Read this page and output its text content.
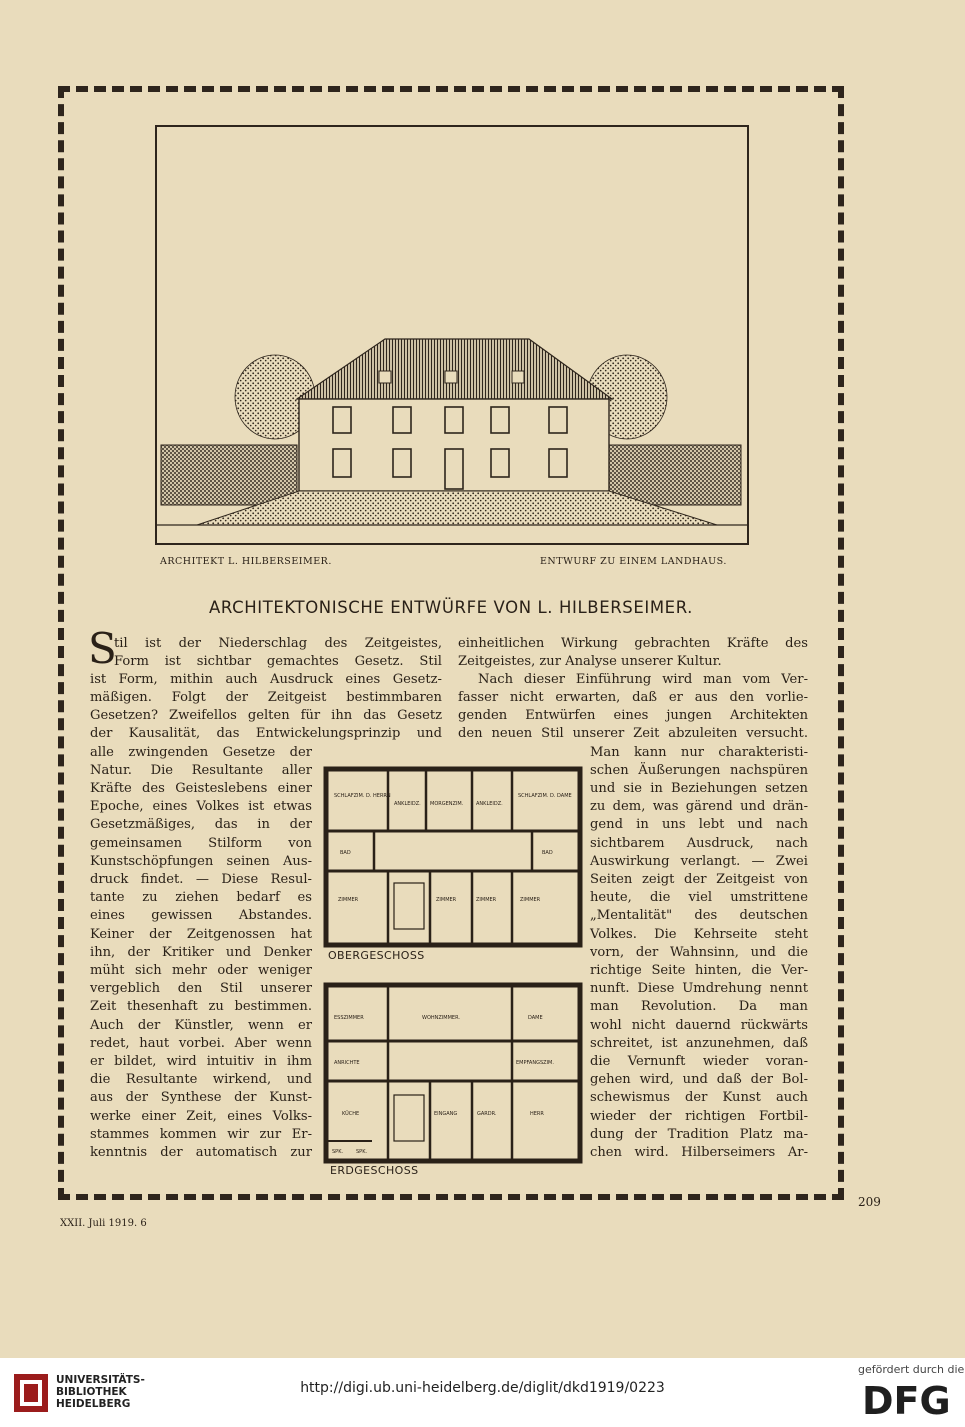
ARCHITEKT L. HILBERSEIMER.	ENTWURF ZU EINEM LANDHAUS.
ARCHITEKTONISCHE ENTWÜRFE VON L. HILBERSEIMER.
S
til ist der Niederschlag des Zeitgeistes,
Form ist sichtbar gemachtes Gesetz. Stil
ist Form, mithin auch Ausdruck eines Gesetz-
mäßigen. Folgt der Zeitgeist bestimmbaren
Gesetzen? Zweifellos gelten für ihn das Gesetz
der Kausalität, das Entwickelungsprinzip und
alle zwingenden Gesetze der
Natur. Die Resultante aller
Kräfte des Geisteslebens einer
Epoche, eines Volkes ist etwas
Gesetzmäßiges, das in der
gemeinsamen Stilform von
Kunstschöpfungen seinen Aus-
druck findet. — Diese Resul-
tante zu ziehen bedarf es
eines gewissen Abstandes.
Keiner der Zeitgenossen hat
ihn, der Kritiker und Denker
müht sich mehr oder weniger
vergeblich den Stil unserer
Zeit thesenhaft zu bestimmen.
Auch der Künstler, wenn er
redet, haut vorbei. Aber wenn
er bildet, wird intuitiv in ihm
die Resultante wirkend, und
aus der Synthese der Kunst-
werke einer Zeit, eines Volks-
stammes kommen wir zur Er-
kenntnis der automatisch zur
einheitlichen Wirkung gebrachten Kräfte des
Zeitgeistes, zur Analyse unserer Kultur.
Nach dieser Einführung wird man vom Ver-
fasser nicht erwarten, daß er aus den vorlie-
genden Entwürfen eines jungen Architekten
den neuen Stil unserer Zeit abzuleiten versucht.
Man kann nur charakteristi-
schen Äußerungen nachspüren
und sie in Beziehungen setzen
zu dem, was gärend und drän-
gend in uns lebt und nach
sichtbarem Ausdruck, nach
Auswirkung verlangt. — Zwei
Seiten zeigt der Zeitgeist von
heute, die viel umstrittene
„Mentalität" des deutschen
Volkes. Die Kehrseite steht
vorn, der Wahnsinn, und die
richtige Seite hinten, die Ver-
nunft. Diese Umdrehung nennt
man Revolution. Da man
wohl nicht dauernd rückwärts
schreitet, ist anzunehmen, daß
die Vernunft wieder voran-
gehen wird, und daß der Bol-
schewismus der Kunst auch
wieder der richtigen Fortbil-
dung der Tradition Platz ma-
chen wird. Hilberseimers Ar-
SCHLAFZIM. D. HERRN
ANKLEIDZ. MORGENZIM.	ANKLEIDZ.
SCHLAFZIM. D. DAME
BAD	BAD
ZIMMER	ZIMMER	ZIMMER	ZIMMER
ESSZIMMER	WOHNZIMMER.	DAME
ANRICHTE	EMPFANGSZIM.
KÜCHE	EINGANG	GARDR.	HERR
SPK.	SPK.
OBERGESCHOSS
ERDGESCHOSS
209
XXII. Juli 1919. 6
UNIVERSITÄTS-
BIBLIOTHEK
HEIDELBERG
http://digi.ub.uni-heidelberg.de/diglit/dkd1919/0223
gefördert durch die
DFG
